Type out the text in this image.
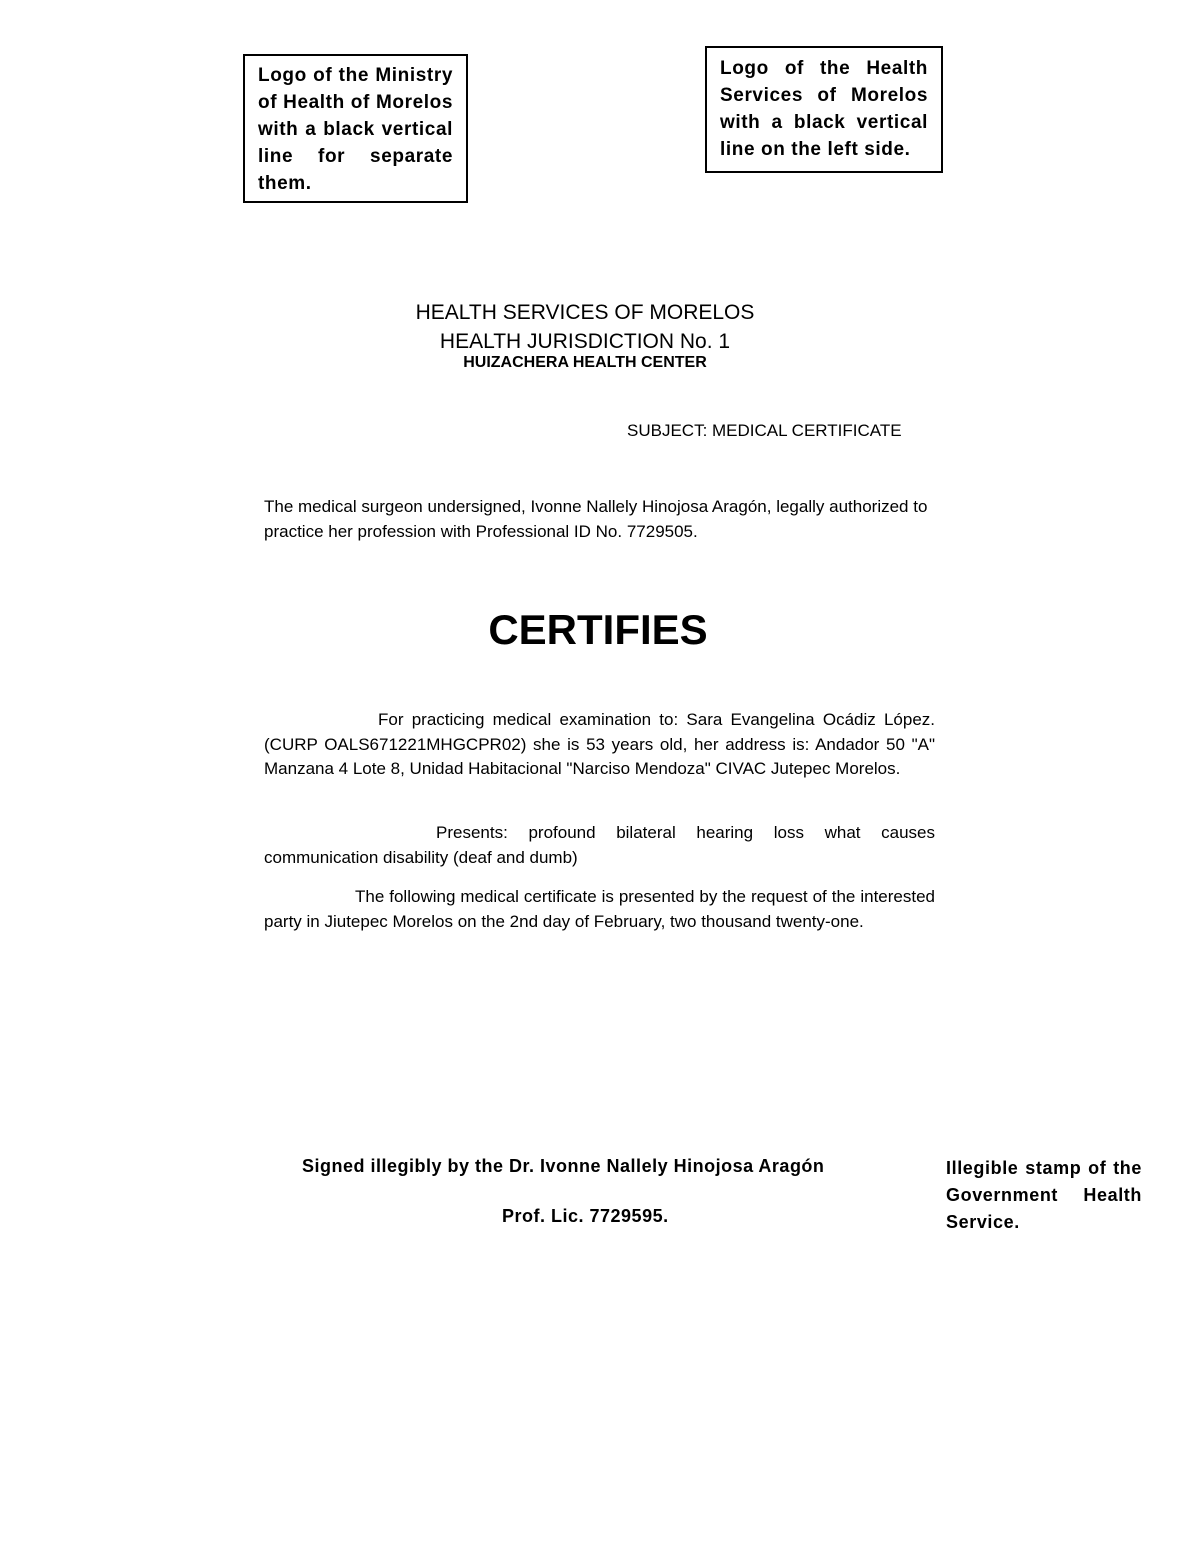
Logo of the Ministry of Health of Morelos with a black vertical line for separate them.
Logo of the Health Services of Morelos with a black vertical line on the left side.
HEALTH SERVICES OF MORELOS
HEALTH JURISDICTION No. 1
HUIZACHERA HEALTH CENTER
SUBJECT: MEDICAL CERTIFICATE
The medical surgeon undersigned, Ivonne Nallely Hinojosa Aragón, legally authorized to practice her profession with Professional ID No. 7729505.
CERTIFIES
For practicing medical examination to: Sara Evangelina Ocádiz López. (CURP OALS671221MHGCPR02) she is 53 years old, her address is: Andador 50 "A" Manzana 4 Lote 8, Unidad Habitacional "Narciso Mendoza" CIVAC Jutepec Morelos.
Presents: profound bilateral hearing loss what causes communication disability (deaf and dumb)
The following medical certificate is presented by the request of the interested party in Jiutepec Morelos on the 2nd day of February, two thousand twenty-one.
Signed illegibly by the Dr. Ivonne Nallely Hinojosa Aragón
Prof. Lic. 7729595.
Illegible stamp of the Government Health Service.
